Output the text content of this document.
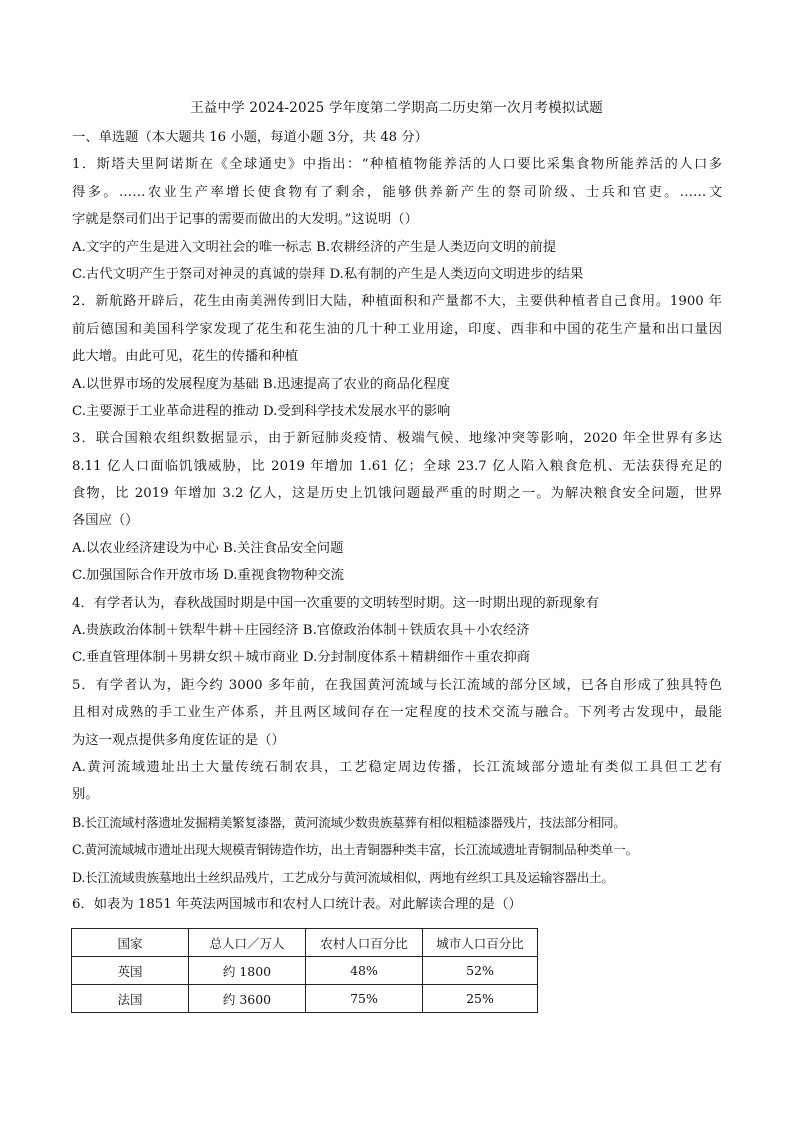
王益中学 2024-2025 学年度第二学期高二历史第一次月考模拟试题
一、单选题（本大题共 16 小题，每道小题 3分，共 48 分）
1．斯塔夫里阿诺斯在《全球通史》中指出：“种植植物能养活的人口要比采集食物所能养活的人口多
得多。……农业生产率增长使食物有了剩余，能够供养新产生的祭司阶级、士兵和官吏。……文
字就是祭司们出于记事的需要而做出的大发明。”这说明（）
A.文字的产生是进入文明社会的唯一标志 B.农耕经济的产生是人类迈向文明的前提
C.古代文明产生于祭司对神灵的真诚的崇拜 D.私有制的产生是人类迈向文明进步的结果
2．新航路开辟后，花生由南美洲传到旧大陆，种植面积和产量都不大，主要供种植者自己食用。1900 年
前后德国和美国科学家发现了花生和花生油的几十种工业用途，印度、西非和中国的花生产量和出口量因
此大增。由此可见，花生的传播和种植
A.以世界市场的发展程度为基础 B.迅速提高了农业的商品化程度
C.主要源于工业革命进程的推动 D.受到科学技术发展水平的影响
3．联合国粮农组织数据显示，由于新冠肺炎疫情、极端气候、地缘冲突等影响，2020 年全世界有多达
8.11 亿人口面临饥饿威胁，比 2019 年增加 1.61 亿；全球 23.7 亿人陷入粮食危机、无法获得充足的
食物，比 2019 年增加 3.2 亿人，这是历史上饥饿问题最严重的时期之一。为解决粮食安全问题，世界
各国应（）
A.以农业经济建设为中心 B.关注食品安全问题
C.加强国际合作开放市场 D.重视食物物种交流
4．有学者认为，春秋战国时期是中国一次重要的文明转型时期。这一时期出现的新现象有
A.贵族政治体制＋铁犁牛耕＋庄园经济 B.官僚政治体制＋铁质农具＋小农经济
C.垂直管理体制＋男耕女织＋城市商业 D.分封制度体系＋精耕细作＋重农抑商
5．有学者认为，距今约 3000 多年前，在我国黄河流域与长江流域的部分区域，已各自形成了独具特色
且相对成熟的手工业生产体系，并且两区域间存在一定程度的技术交流与融合。下列考古发现中，最能
为这一观点提供多角度佐证的是（）
A.黄河流域遗址出土大量传统石制农具，工艺稳定周边传播，长江流域部分遗址有类似工具但工艺有
别。
B.长江流域村落遗址发掘精美繁复漆器，黄河流域少数贵族墓葬有相似粗糙漆器残片，技法部分相同。
C.黄河流域城市遗址出现大规模青铜铸造作坊，出土青铜器种类丰富，长江流域遗址青铜制品种类单一。
D.长江流域贵族墓地出土丝织品残片，工艺成分与黄河流域相似，两地有丝织工具及运输容器出土。
6．如表为 1851 年英法两国城市和农村人口统计表。对此解读合理的是（）
国家	总人口／万人	农村人口百分比	城市人口百分比
英国	约 1800	48%	52%
法国	约 3600	75%	25%
